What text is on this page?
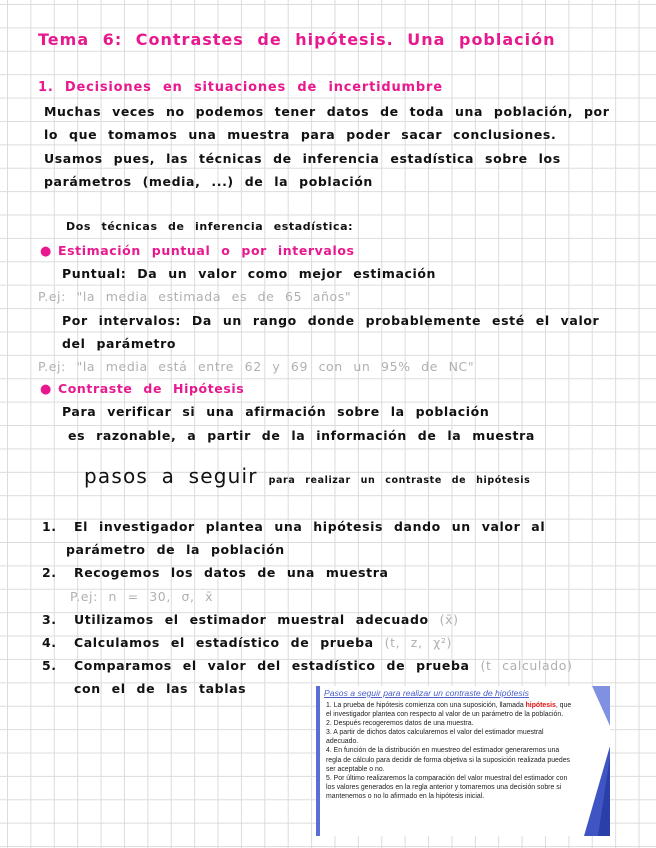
Tema 6: Contrastes de hipótesis. Una población
1. Decisiones en situaciones de incertidumbre
Muchas veces no podemos tener datos de toda una población, por
lo que tomamos una muestra para poder sacar conclusiones.
Usamos pues, las técnicas de inferencia estadística sobre los
parámetros (media, ...) de la población
Dos técnicas de inferencia estadística:
● Estimación puntual o por intervalos
Puntual: Da un valor como mejor estimación
P.ej: "la media estimada es de 65 años"
Por intervalos: Da un rango donde probablemente esté el valor
del parámetro
P.ej: "la media está entre 62 y 69 con un 95% de NC"
● Contraste de Hipótesis
Para verificar si una afirmación sobre la población
es razonable, a partir de la información de la muestra
pasos a seguir para realizar un contraste de hipótesis
1. El investigador plantea una hipótesis dando un valor al
parámetro de la población
2. Recogemos los datos de una muestra
P.ej: n = 30, σ, x̄
3. Utilizamos el estimador muestral adecuado (x̄)
4. Calculamos el estadístico de prueba (t, z, χ²)
5. Comparamos el valor del estadístico de prueba (t calculado)
con el de las tablas	Pasos a seguir para realizar un contraste de hipótesis

1. La prueba de hipótesis comienza con una suposición, llamada hipótesis, que el investigador plantea con respecto al valor de un parámetro de la población.

2. Después recogeremos datos de una muestra.

3. A partir de dichos datos calcularemos el valor del estimador muestral adecuado.

4. En función de la distribución en muestreo del estimador generaremos una regla de cálculo para decidir de forma objetiva si la suposición realizada puedes ser aceptable o no.

5. Por último realizaremos la comparación del valor muestral del estimador con los valores generados en la regla anterior y tomaremos una decisión sobre si mantenemos o no lo afirmado en la hipótesis inicial.
